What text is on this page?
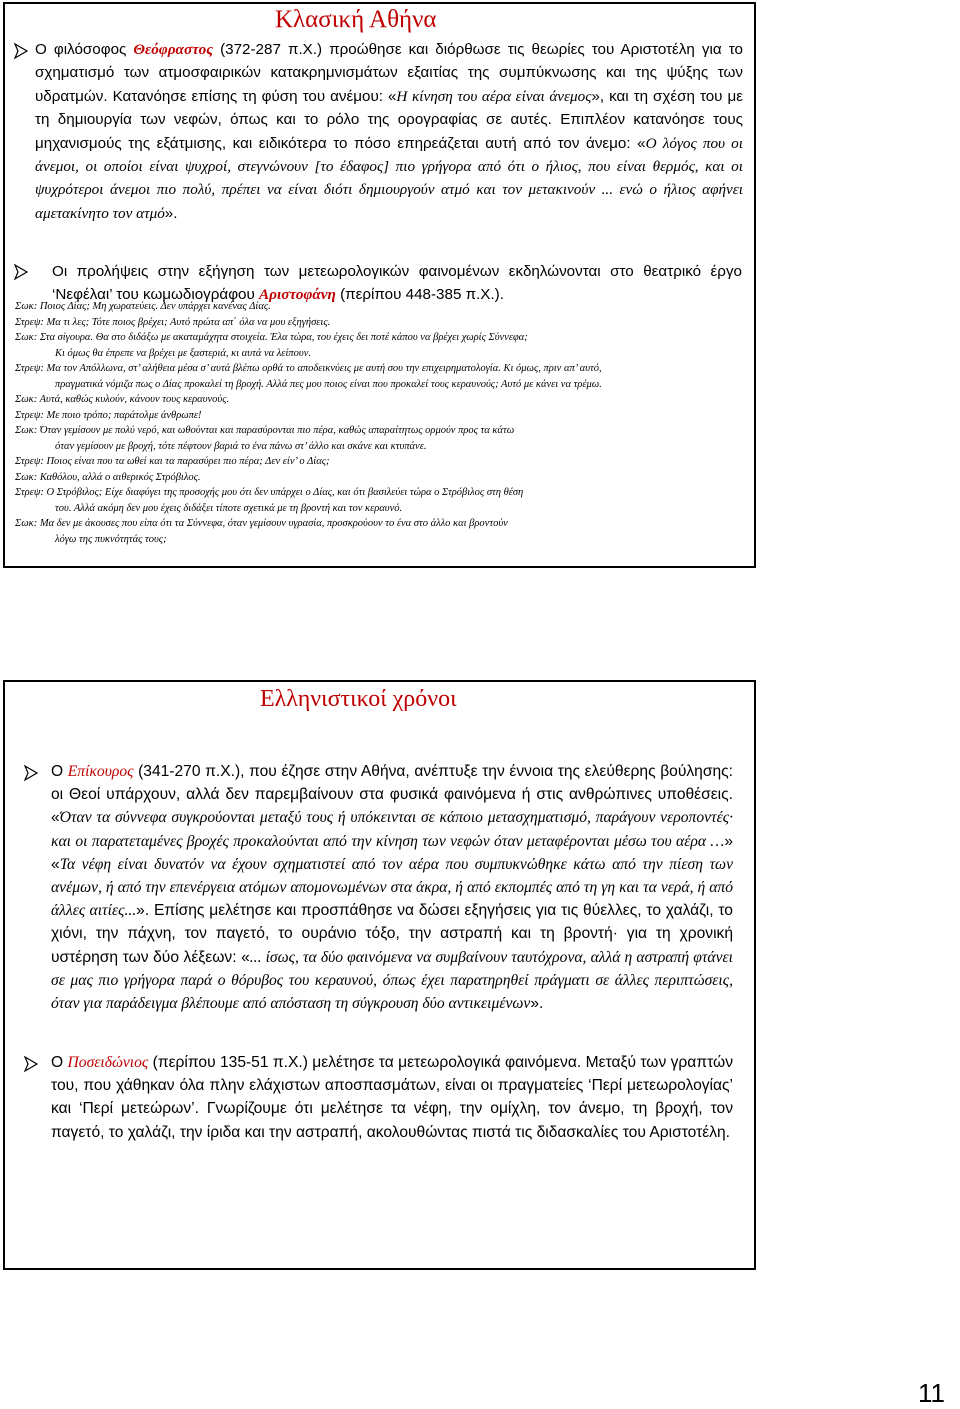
Κλασική Αθήνα
Ο φιλόσοφος Θεόφραστος (372-287 π.Χ.) προώθησε και διόρθωσε τις θεωρίες του Αριστοτέλη για το σχηματισμό των ατμοσφαιρικών κατακρημνισμάτων εξαιτίας της συμπύκνωσης και της ψύξης των υδρατμών. Κατανόησε επίσης τη φύση του ανέμου: «Η κίνηση του αέρα είναι άνεμος», και τη σχέση του με τη δημιουργία των νεφών, όπως και το ρόλο της ορογραφίας σε αυτές. Επιπλέον κατανόησε τους μηχανισμούς της εξάτμισης, και ειδικότερα το πόσο επηρεάζεται αυτή από τον άνεμο: «Ο λόγος που οι άνεμοι, οι οποίοι είναι ψυχροί, στεγνώνουν [το έδαφος] πιο γρήγορα από ότι ο ήλιος, που είναι θερμός, και οι ψυχρότεροι άνεμοι πιο πολύ, πρέπει να είναι διότι δημιουργούν ατμό και τον μετακινούν ... ενώ ο ήλιος αφήνει αμετακίνητο τον ατμό».
Οι προλήψεις στην εξήγηση των μετεωρολογικών φαινομένων εκδηλώνονται στο θεατρικό έργο ‘Νεφέλαι’ του κωμωδιογράφου Αριστοφάνη (περίπου 448-385 π.Χ.).
Σωκ: Ποιος Δίας; Μη χωρατεύεις. Δεν υπάρχει κανένας Δίας.
Στρεψ: Μα τι λες; Τότε ποιος βρέχει; Αυτό πρώτα απ΄ όλα να μου εξηγήσεις.
Σωκ: Στα σίγουρα. Θα στο διδάξω με ακαταμάχητα στοιχεία. Έλα τώρα, του έχεις δει ποτέ κάπου να βρέχει χωρίς Σύννεφα;
Κι όμως θα έπρεπε να βρέχει με ξαστεριά, κι αυτά να λείπουν.
Στρεψ: Μα τον Απόλλωνα, στ’ αλήθεια μέσα σ’ αυτά βλέπω ορθά το αποδεικνύεις με αυτή σου την επιχειρηματολογία. Κι όμως, πριν απ’ αυτό,
πραγματικά νόμιζα πως ο Δίας προκαλεί τη βροχή. Αλλά πες μου ποιος είναι που προκαλεί τους κεραυνούς; Αυτό με κάνει να τρέμω.
Σωκ: Αυτά, καθώς κυλούν, κάνουν τους κεραυνούς.
Στρεψ: Με ποιο τρόπο; παράτολμε άνθρωπε!
Σωκ: Όταν γεμίσουν με πολύ νερό, και ωθούνται και παρασύρονται πιο πέρα, καθώς απαραίτητως ορμούν προς τα κάτω
όταν γεμίσουν με βροχή, τότε πέφτουν βαριά το ένα πάνω στ’ άλλο και σκάνε και κτυπάνε.
Στρεψ: Ποιος είναι που τα ωθεί και τα παρασύρει πιο πέρα; Δεν είν’ ο Δίας;
Σωκ: Καθόλου, αλλά ο αιθερικός Στρόβιλος.
Στρεψ: Ο Στρόβιλος; Είχε διαφύγει της προσοχής μου ότι δεν υπάρχει ο Δίας, και ότι βασιλεύει τώρα ο Στρόβιλος στη θέση
του. Αλλά ακόμη δεν μου έχεις διδάξει τίποτε σχετικά με τη βροντή και τον κεραυνό.
Σωκ: Μα δεν με άκουσες που είπα ότι τα Σύννεφα, όταν γεμίσουν υγρασία, προσκρούουν το ένα στο άλλο και βροντούν
λόγω της πυκνότητάς τους;
Ελληνιστικοί χρόνοι
Ο Επίκουρος (341-270 π.Χ.), που έζησε στην Αθήνα, ανέπτυξε την έννοια της ελεύθερης βούλησης: οι Θεοί υπάρχουν, αλλά δεν παρεμβαίνουν στα φυσικά φαινόμενα ή στις ανθρώπινες υποθέσεις. «Όταν τα σύννεφα συγκρούονται μεταξύ τους ή υπόκεινται σε κάποιο μετασχηματισμό, παράγουν νεροποντές· και οι παρατεταμένες βροχές προκαλούνται από την κίνηση των νεφών όταν μεταφέρονται μέσω του αέρα …» «Τα νέφη είναι δυνατόν να έχουν σχηματιστεί από τον αέρα που συμπυκνώθηκε κάτω από την πίεση των ανέμων, ή από την επενέργεια ατόμων απομονωμένων στα άκρα, ή από εκπομπές από τη γη και τα νερά, ή από άλλες αιτίες...». Επίσης μελέτησε και προσπάθησε να δώσει εξηγήσεις για τις θύελλες, το χαλάζι, το χιόνι, την πάχνη, τον παγετό, το ουράνιο τόξο, την αστραπή και τη βροντή· για τη χρονική υστέρηση των δύο λέξεων: «... ίσως, τα δύο φαινόμενα να συμβαίνουν ταυτόχρονα, αλλά η αστραπή φτάνει σε μας πιο γρήγορα παρά ο θόρυβος του κεραυνού, όπως έχει παρατηρηθεί πράγματι σε άλλες περιπτώσεις, όταν για παράδειγμα βλέπουμε από απόσταση τη σύγκρουση δύο αντικειμένων».
Ο Ποσειδώνιος (περίπου 135-51 π.Χ.) μελέτησε τα μετεωρολογικά φαινόμενα. Μεταξύ των γραπτών του, που χάθηκαν όλα πλην ελάχιστων αποσπασμάτων, είναι οι πραγματείες ‘Περί μετεωρολογίας’ και ‘Περί μετεώρων’. Γνωρίζουμε ότι μελέτησε τα νέφη, την ομίχλη, τον άνεμο, τη βροχή, τον παγετό, το χαλάζι, την ίριδα και την αστραπή, ακολουθώντας πιστά τις διδασκαλίες του Αριστοτέλη.
11
